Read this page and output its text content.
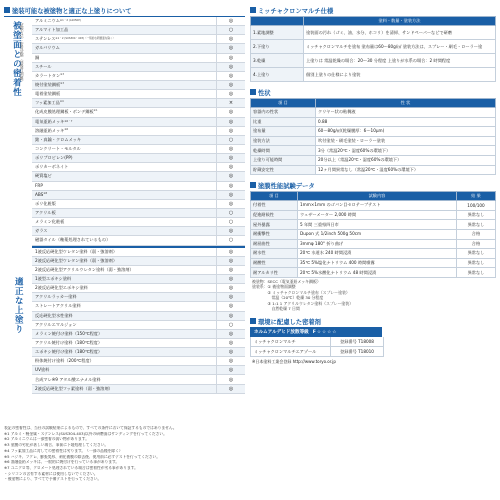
塗装可能な被塗物と適正な上塗りについて
被塗面との密着性
試験方法：密着試験（碁盤目剥離）
適正な上塗り
アルミニウム$^{※1・2 (A1050P)}$	◎
アルマイト加工品	○
ステンレス$^{※1・2 (SUS304・403)(一般的な研磨面を除く)}$	◎
ガルバリウム	◎
銅	◎
スチール	◎
カラートタン$^{※3}$	◎
焼付塗装鋼板$^{※3}$	◎
電着塗装鋼板	◎
フッ素加工品$^{※4}$	×
化成皮膜処理鋼板・ボンデ鋼板$^{※1}$	◎
電気亜鉛メッキ$^{※6・7}$	◎
溶融亜鉛メッキ$^{※6}$	◎
銘・真鍮・クロムメッキ	○
コンクリート・モルタル	◎
ポリプロピレン(PP)	◎
ポリカーボネイト	◎
硬質塩ビ	◎
FRP	◎
ABS$^{※8}$	◎
ポリ化粧版	◎
アクリル板	○
メラミン化粧板	○
ガラス	◎
磁器タイル（釉薬処理されているもの）	○
1液反応硬化型ウレタン塗料（弱・強溶剤）	◎
2液反応硬化型ウレタン塗料（弱・強溶剤）	◎
2液反応硬化型アクリルウレタン塗料（弱・強溶剤）	◎
1液型エポキシ塗料	◎
2液反応硬化型エポキシ塗料	◎
アクリルラッカー塗料	◎
ストレートアクリル塗料	◎
反応硬化型水性塗料	◎
アクリルエマルジョン	○
メラミン焼付け塗料（150℃程度）	◎
アクリル焼付け塗料（180℃程度）	◎
エポキシ焼付け塗料（180℃程度）	◎
粉体焼付け塗料（200℃程度）	◎
UV塗料	◎
合成マレ※9 アタル酸エナメル塗料	◎
2液反応硬化型フッ素塗料（弱・強溶剤）	◎
表記の密着性は、当社の試験結果によるもので、すべての条件において保証するものではありません。
※1 アルミ・軽金属・ステンレス(SUS304-403)以外の研磨面はサンディングを行ってください。
※2 アルミニウムは一部密着の弱い物があります。
※3 塗膜の劣化が著しい場合、事前に下地処理してください。
※4 フッ素加工品に対しての密着性は劣ります。（一部の品種を除く）
※5 ハジキ、フクレ、膨張変形、剥化被膜の除去後、使用前に必ずテストを行ってください。
※6 溶融亜鉛メッキは、一般的に焼付けを行っている事があります。
※7 ユニクロ等、クロメート処理されている場合は密着性が劣る事があります。
・シリコンの含有する素材には使用しないでください。
・被塗物により、すべてで予備テストを行ってください。
ミッチャクロンマルチ仕様
	塗料・数量・塗装方法
1.素地調整	塗装面の汚れ（ゴミ、油、水分、ホコリ）を清掃、サンドペーパーなどで研磨
2.下塗り	ミッチャクロンマルチを塗布 塗布量は60〜80g/㎡ 塗装方法は、スプレー・刷毛・ローラー塗
3.乾燥	上塗りは 常温乾燥の場合：20〜30 分程度 上塗りが水系の場合：2 時間程度
4.上塗り	個別上塗りの仕様により塗装
性状
項 目	性 状
容器内の性状	クリヤー状の粘稠液
比重	0.88
塗布量	60〜80g/㎡(乾燥膜厚：6〜10μm)
塗装方法	吹付塗装・刷毛塗装・ローラー塗装
乾燥時間	3分（常温20℃・湿度60%の環境下）
上塗り可能時間	20分以上（常温20℃・湿度60%の環境下）
貯蔵安定性	12ヶ月間異常なし（常温20℃・湿度60%の環境下）
塗膜性能試験データ
項 目	試験内容	結 果
付着性	1mm×1mm のゴバン目セロテープテスト	100/100
促進耐候性	ウェザーメーター 2,000 時間	異常なし
屋外暴露	5 年間 三重県四日市	異常なし
耐衝撃性	Dupon 式 1/2inch 500g 50cm	合格
耐屈曲性	3mmφ 180° 折り曲げ	合格
耐水性	20℃ 水道水 240 時間浸漬	異常なし
耐酸性	35℃ 5%塩化ナトリウム 400 時間噴霧	異常なし
耐アルカリ性	20℃ 5%水酸化ナトリウム 48 時間浸漬	異常なし
被塗物：SECC（電気亜鉛メッキ鋼板）
塗装系：① 被塗物面調整
　　　　② ミッチャクロンマルチ塗布（スプレー塗装）
　　　　　常温（20℃）乾燥 30 分程度
　　　　③ 1:1 1 アクリルウレタン塗料（スプレー塗装）
　　　　　自然乾燥 7 日間
環境に配慮した密着剤
ホルムアルデヒド放散等級 F☆☆☆☆
ミッチャクロンマルチ	登録番号 T18008
ミッチャクロンマルチエアゾール	登録番号 T18010
※日本塗料工業会登録 http://www.toryo.or.jp
